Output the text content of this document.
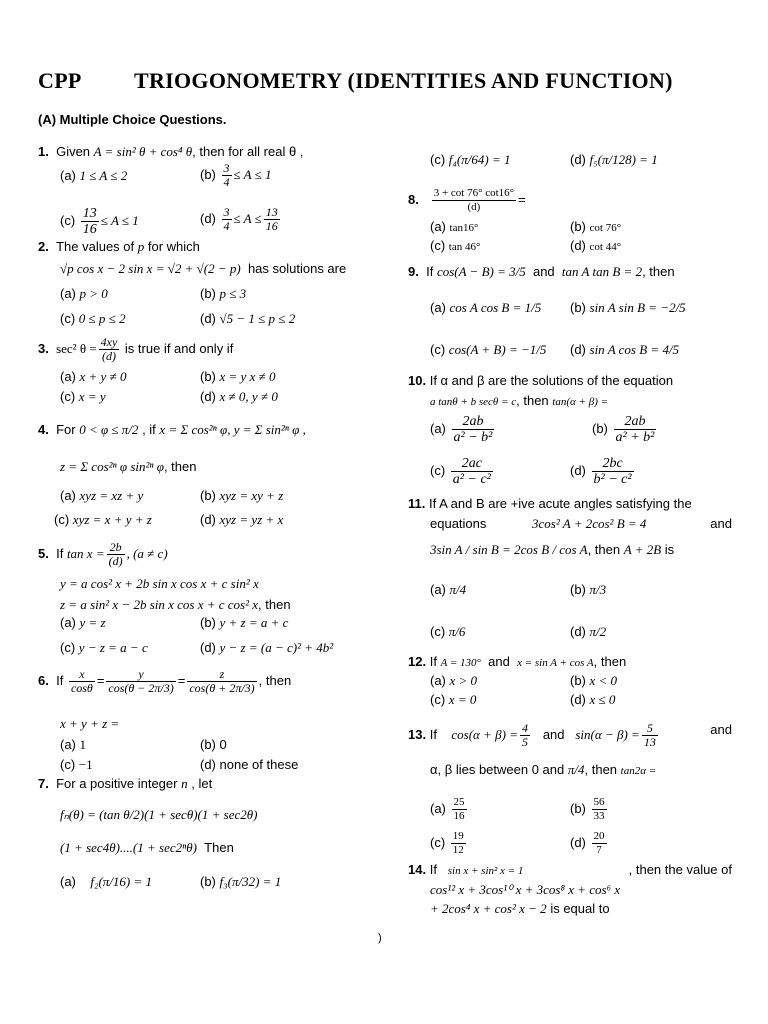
CPP TRIOGONOMETRY (IDENTITIES AND FUNCTION)
(A) Multiple Choice Questions.
1. Given A = sin² θ + cos⁴ θ, then for all real θ ,
(a) 1 ≤ A ≤ 2	$(b) \frac{3}{4} \le A \le 1$
$(c) \frac{13}{16} \le A \le 1$	$(d) \frac{3}{4} \le A \le \frac{13}{16}$
2. The values of p for which
√p cos x − 2 sin x = √2 + √(2 − p) has solutions are
(a) p > 0	(b) p ≤ 3
(c) 0 ≤ p ≤ 2	(d) √5 − 1 ≤ p ≤ 2
3. sec² $\theta = \frac{4xy}{(d)}$ is true if and only if
(a) x + y ≠ 0	(b) x = y x ≠ 0
(c) x = y	(d) x ≠ 0, y ≠ 0
4. For 0 < φ ≤ π/2 , if x = Σ cos²ⁿ φ, y = Σ sin²ⁿ φ ,
z = Σ cos²ⁿ φ sin²ⁿ φ, then
(a) xyz = xz + y	(b) xyz = xy + z
(c) xyz = x + y + z	(d) xyz = yz + x
5. If $\tan x = \frac{2b}{(d)}$ , (a ≠ c)
y = a cos² x + 2b sin x cos x + c sin² x
z = a sin² x − 2b sin x cos x + c cos² x, then
(a) y = z	(b) y + z = a + c
(c) y − z = a − c	(d) y − z = (a − c)² + 4b²
6. If $\frac{x}{\cos\theta} = \frac{y}{\cos(\theta - 2\pi/3)} = \frac{z}{\cos(\theta + 2\pi/3)}$ , then
x + y + z =
(a) 1	(b) 0
(c) −1	(d) none of these
7. For a positive integer n , let
fₙ(θ) = (tan θ/2)(1 + secθ)(1 + sec2θ)
(1 + sec4θ)....(1 + sec2ⁿθ) Then
(a) f₂(π/16) = 1	(b) f₃(π/32) = 1
(c) f₄(π/64) = 1	(d) f₅(π/128) = 1
8. $\frac{3 + \cot 76^\circ \cot 16^\circ}{(d)}$ =
(a) tan16°	(b) cot 76°
(c) tan 46°	(d) cot 44°
9. If cos(A − B) = 3/5 and tan A tan B = 2, then
(a) cos A cos B = 1/5 (b) sin A sin B = −2/5
(c) cos(A + B) = −1/5 (d) sin A cos B = 4/5
10. If α and β are the solutions of the equation
a tanθ + b secθ = c, then tan(α + β) =
$(a) \frac{2ab}{\text{a² − b²}}$	$(b) \frac{2ab}{\text{a² + b²}}$
$(c) \frac{2ac}{\text{a² − c²}}$	$(d) \frac{2bc}{\text{b² − c²}}$
11. If A and B are +ive acute angles satisfying the
equations	3cos² A + 2cos² B = 4	and
3sin A / sin B = 2cos B / cos A, then A + 2B is
(a) π/4	(b) π/3
(c) π/6	(d) π/2
12. If A = 130° and x = sin A + cos A, then
(a) x > 0	(b) x < 0
(c) x = 0	(d) x ≤ 0
13. If $\cos(\alpha + \beta) = \frac{4}{5}$ and $\sin(\alpha - \beta) = \frac{5}{13}$	and
α, β lies between 0 and π/4, then tan2α =
$(a) \frac{25}{16}$	$(b) \frac{56}{33}$
$(c) \frac{19}{12}$	$(d) \frac{20}{7}$
14. If sin x + sin² x = 1	, then the value of
cos¹² x + 3cos¹⁰ x + 3cos⁸ x + cos⁶ x
+ 2cos⁴ x + cos² x − 2 is equal to
)
